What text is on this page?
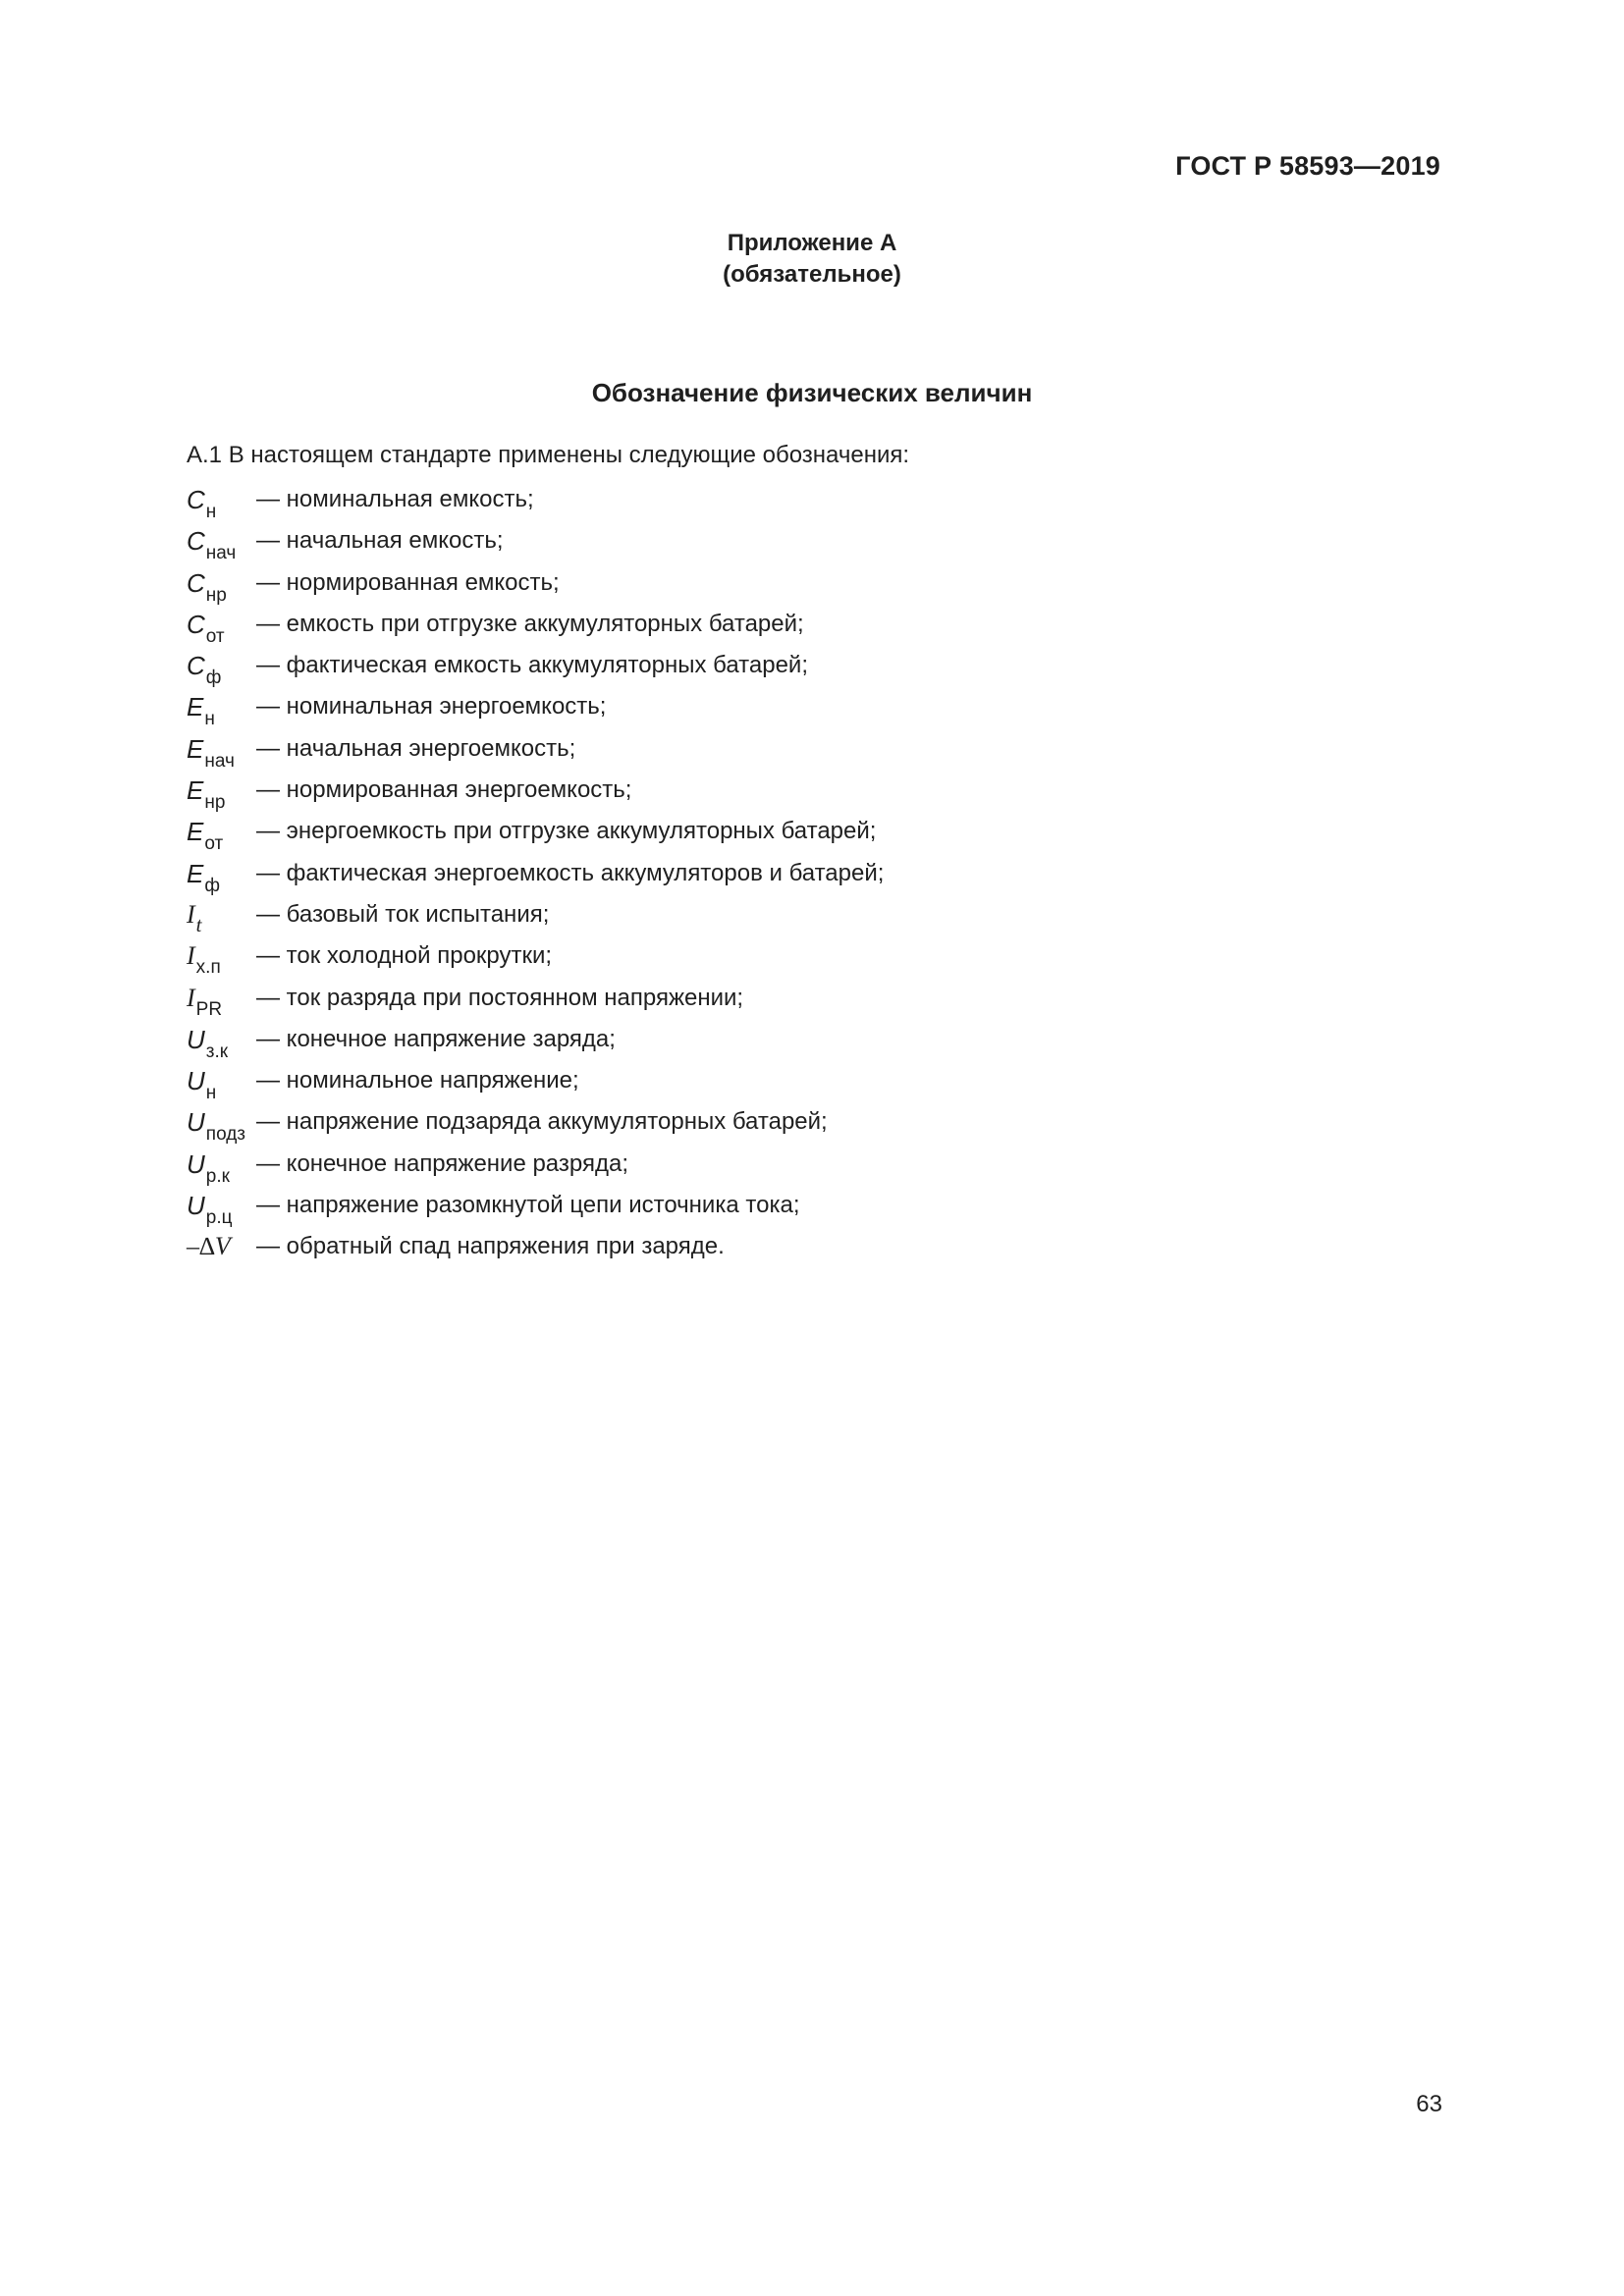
ГОСТ Р 58593—2019
Приложение А
(обязательное)
Обозначение физических величин
А.1 В настоящем стандарте применены следующие обозначения:
$C_н$	— номинальная емкость;
$C_{нач}$ — начальная емкость;
$C_{нр}$	— нормированная емкость;
$C_{от}$	— емкость при отгрузке аккумуляторных батарей;
$C_ф$	— фактическая емкость аккумуляторных батарей;
$E_н$	— номинальная энергоемкость;
$E_{нач}$ — начальная энергоемкость;
$E_{нр}$	— нормированная энергоемкость;
$E_{от}$	— энергоемкость при отгрузке аккумуляторных батарей;
$E_ф$	— фактическая энергоемкость аккумуляторов и батарей;
It	— базовый ток испытания;
$I_{х.п}$	— ток холодной прокрутки;
$I_{PR}$	— ток разряда при постоянном напряжении;
$U_{з.к}$	— конечное напряжение заряда;
$U_н$	— номинальное напряжение;
$U_{подз}$ — напряжение подзаряда аккумуляторных батарей;
$U_{р.к}$	— конечное напряжение разряда;
$U_{р.ц}$	— напряжение разомкнутой цепи источника тока;
–∆V	— обратный спад напряжения при заряде.
63
